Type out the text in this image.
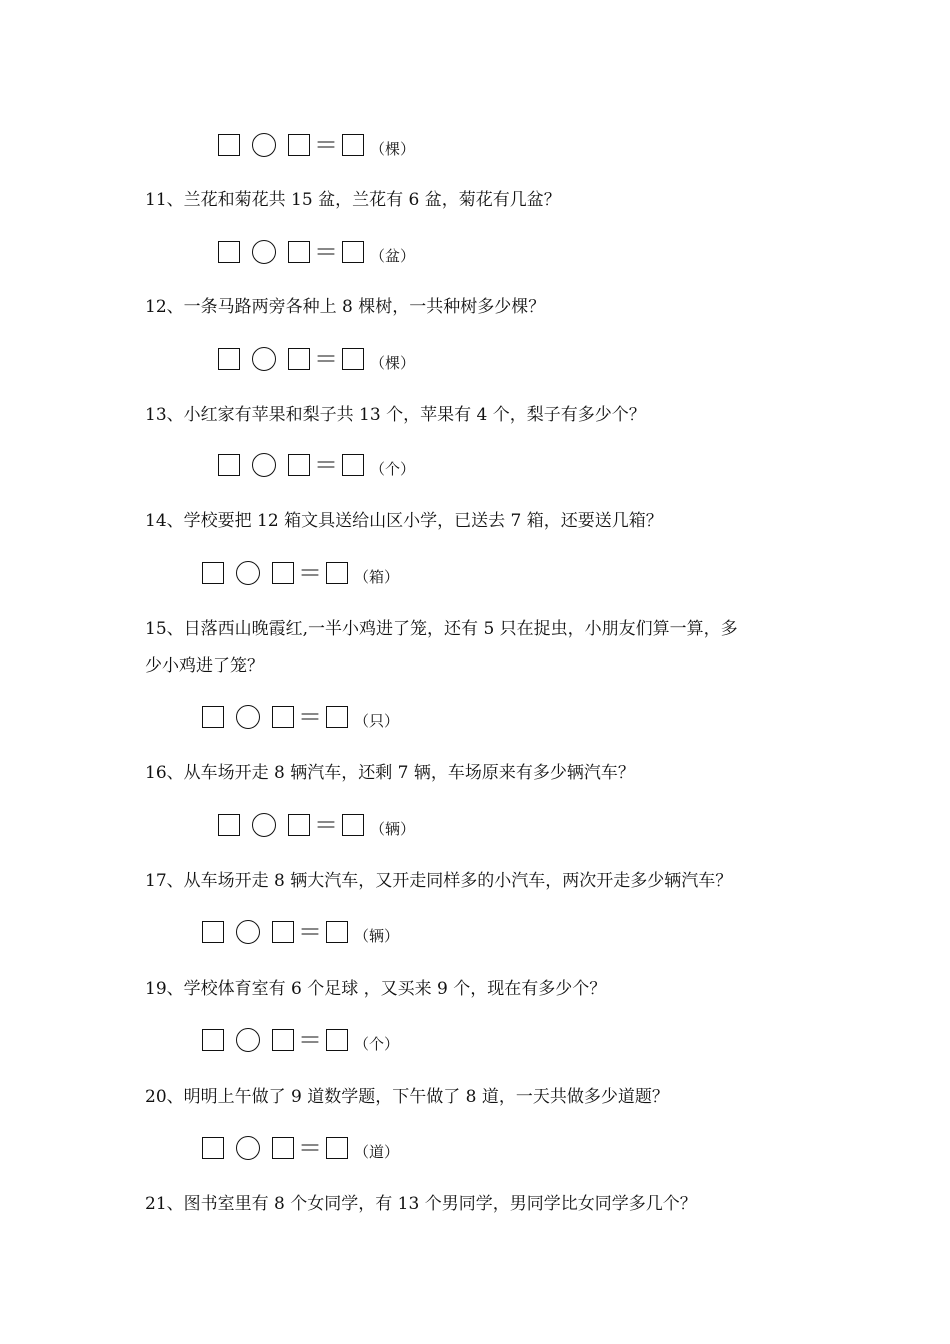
＝ （棵）

11、兰花和菊花共 15 盆，兰花有 6 盆，菊花有几盆？

＝ （盆）

12、一条马路两旁各种上 8 棵树，一共种树多少棵？

＝ （棵）

13、小红家有苹果和梨子共 13 个，苹果有 4 个，梨子有多少个？

＝ （个）

14、学校要把 12 箱文具送给山区小学，已送去 7 箱，还要送几箱？

＝ （箱）

15、日落西山晚霞红,一半小鸡进了笼，还有 5 只在捉虫，小朋友们算一算，多

少小鸡进了笼？

＝ （只）

16、从车场开走 8 辆汽车，还剩 7 辆，车场原来有多少辆汽车？

＝ （辆）

17、从车场开走 8 辆大汽车，又开走同样多的小汽车，两次开走多少辆汽车？

＝ （辆）

19、学校体育室有 6 个足球 ，又买来 9 个，现在有多少个？

＝ （个）

20、明明上午做了 9 道数学题，下午做了 8 道，一天共做多少道题？

＝ （道）

21、图书室里有 8 个女同学，有 13 个男同学，男同学比女同学多几个？
